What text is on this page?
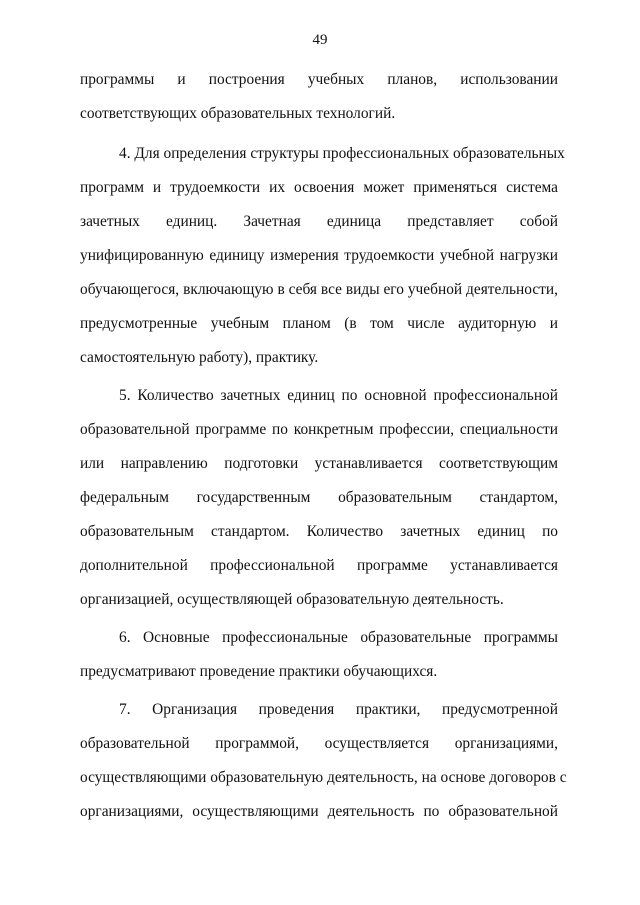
49
программы и построения учебных планов, использовании
соответствующих образовательных технологий.
4. Для определения структуры профессиональных образовательных
программ и трудоемкости их освоения может применяться система
зачетных единиц. Зачетная единица представляет собой
унифицированную единицу измерения трудоемкости учебной нагрузки
обучающегося, включающую в себя все виды его учебной деятельности,
предусмотренные учебным планом (в том числе аудиторную и
самостоятельную работу), практику.
5. Количество зачетных единиц по основной профессиональной
образовательной программе по конкретным профессии, специальности
или направлению подготовки устанавливается соответствующим
федеральным государственным образовательным стандартом,
образовательным стандартом. Количество зачетных единиц по
дополнительной профессиональной программе устанавливается
организацией, осуществляющей образовательную деятельность.
6. Основные профессиональные образовательные программы
предусматривают проведение практики обучающихся.
7. Организация проведения практики, предусмотренной
образовательной программой, осуществляется организациями,
осуществляющими образовательную деятельность, на основе договоров с
организациями, осуществляющими деятельность по образовательной
